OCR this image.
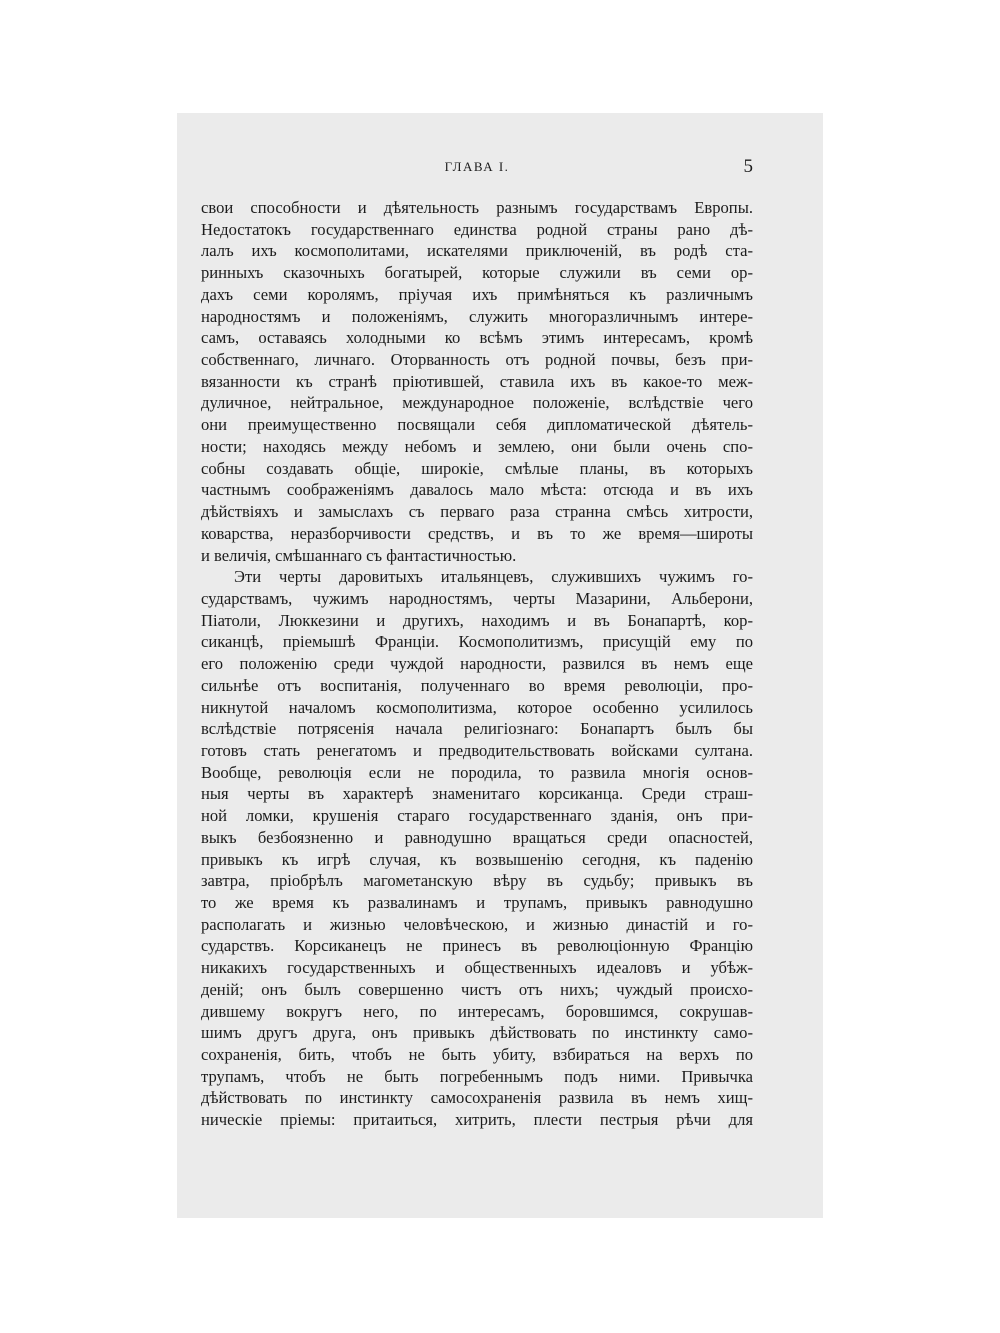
ГЛАВА I.	5
свои способности и дѣятельность разнымъ государствамъ Европы.
Недостатокъ государственнаго единства родной страны рано дѣ-
лалъ ихъ космополитами, искателями приключеній, въ родѣ ста-
ринныхъ сказочныхъ богатырей, которые служили въ семи ор-
дахъ семи королямъ, пріучая ихъ примѣняться къ различнымъ
народностямъ и положеніямъ, служить многоразличнымъ интере-
самъ, оставаясь холодными ко всѣмъ этимъ интересамъ, кромѣ
собственнаго, личнаго. Оторванность отъ родной почвы, безъ при-
вязанности къ странѣ пріютившей, ставила ихъ въ какое-то меж-
дуличное, нейтральное, международное положеніе, вслѣдствіе чего
они преимущественно посвящали себя дипломатической дѣятель-
ности; находясь между небомъ и землею, они были очень спо-
собны создавать общіе, широкіе, смѣлые планы, въ которыхъ
частнымъ соображеніямъ давалось мало мѣста: отсюда и въ ихъ
дѣйствіяхъ и замыслахъ съ перваго раза странна смѣсь хитрости,
коварства, неразборчивости средствъ, и въ то же время—широты
и величія, смѣшаннаго съ фантастичностью.
Эти черты даровитыхъ итальянцевъ, служившихъ чужимъ го-
сударствамъ, чужимъ народностямъ, черты Мазарини, Альберони,
Піатоли, Люккезини и другихъ, находимъ и въ Бонапартѣ, кор-
сиканцѣ, пріемышѣ Франціи. Космополитизмъ, присущій ему по
его положенію среди чуждой народности, развился въ немъ еще
сильнѣе отъ воспитанія, полученнаго во время революціи, про-
никнутой началомъ космополитизма, которое особенно усилилось
вслѣдствіе потрясенія начала религіознаго: Бонапартъ былъ бы
готовъ стать ренегатомъ и предводительствовать войсками султана.
Вообще, революція если не породила, то развила многія основ-
ныя черты въ характерѣ знаменитаго корсиканца. Среди страш-
ной ломки, крушенія стараго государственнаго зданія, онъ при-
выкъ безбоязненно и равнодушно вращаться среди опасностей,
привыкъ къ игрѣ случая, къ возвышенію сегодня, къ паденію
завтра, пріобрѣлъ магометанскую вѣру въ судьбу; привыкъ въ
то же время къ развалинамъ и трупамъ, привыкъ равнодушно
располагать и жизнью человѣческою, и жизнью династій и го-
сударствъ. Корсиканецъ не принесъ въ революціонную Францію
никакихъ государственныхъ и общественныхъ идеаловъ и убѣж-
деній; онъ былъ совершенно чистъ отъ нихъ; чуждый происхо-
дившему вокругъ него, по интересамъ, боровшимся, сокрушав-
шимъ другъ друга, онъ привыкъ дѣйствовать по инстинкту само-
сохраненія, бить, чтобъ не быть убиту, взбираться на верхъ по
трупамъ, чтобъ не быть погребеннымъ подъ ними. Привычка
дѣйствовать по инстинкту самосохраненія развила въ немъ хищ-
ническіе пріемы: притаиться, хитрить, плести пестрыя рѣчи для
